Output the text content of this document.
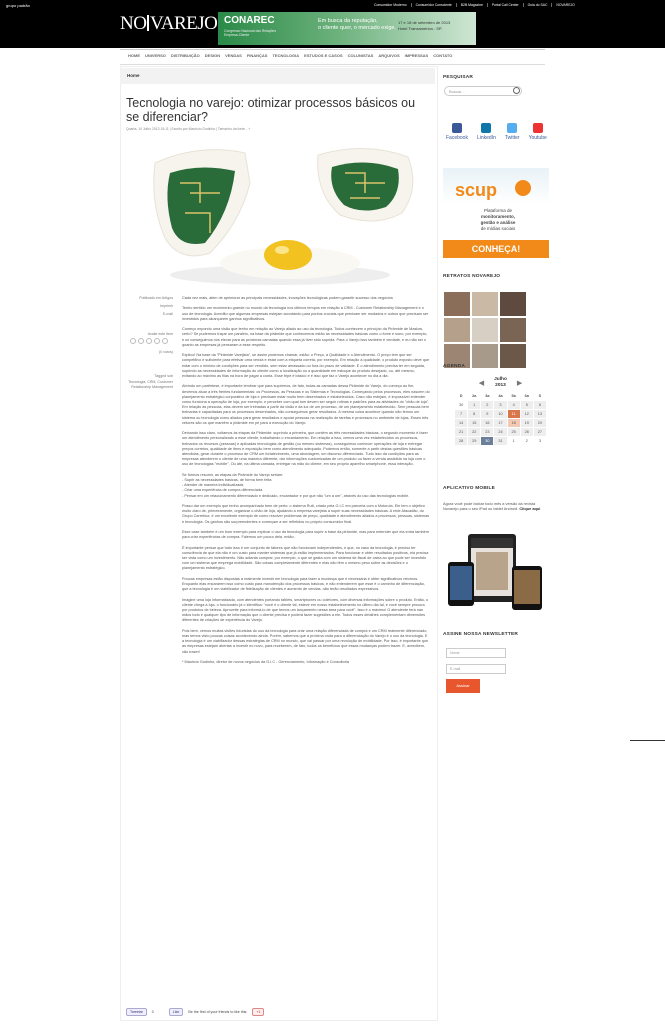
grupo padrão	Consumidor Moderno	Consumidor Consciente	B2B Magazine	Portal Call Center	Guia do SAC	NOVAREJO
NO VAREJO CONAREC
Congresso Nacional das Relações Empresa-Cliente
Em busca da reputação,
o cliente quer, o mercado exige.
17 e 18 de setembro de 2013
Hotel Transamérica - SP.
HOME UNIVERSO DISTRIBUIÇÃO DESIGN VENDAS FINANÇAS TECNOLOGIA ESTUDOS E CASOS COLUNISTAS ARQUIVOS IMPRESSAS CONTATO
Home
Tecnologia no varejo: otimizar processos básicos ou se diferenciar?
Quarta, 10 Julho 2013 15:11 | Escrito por Mauricio Godinho | Tamanho da fonte - +
Publicado em Artigos
Imprimir
E-mail
Avalie este item
(0 votos)
Tagged sob
Tecnologia, CRM, Customer Relationship Management

Cada vez mais, além de aprimorar as principais necessidades, inovações tecnológicas podem garantir sucesso dos negócios

Tenho sentido um movimento grande no mundo da tecnologia nos últimos tempos em relação à CRM - Customer Relationship Management e o uso de tecnologia. Acredito que algumas empresas estejam acordando para pontos cruciais que precisam ser mudados e outros que precisam ser investidos para alcançarem ganhos significativos.

Começo expondo uma visão que tenho em relação ao Varejo aliado ao uso da tecnologia. Todos conhecem o princípio da Pirâmide de Maslow, certo? Se pudermos traçar um paralelo, na base da pirâmide que conhecemos estão as necessidades básicas como o fome e sono, por exemplo, e só conseguimos nos elevar para as próximas camadas quando essa já tiver sido suprida. Para o Varejo isso também é verdade, e eu não sei o quanto as empresas já pensaram a esse respeito.

Explico! Na base da "Pirâmide Varejista", se assim podemos chamar, estão: o Preço, a Qualidade e o Atendimento. O preço tem que ser competitivo e suficiente para efetivar uma venda e estar com a etiqueta correta, por exemplo. Em relação à qualidade, o produto exposto deve que estar com o mínimo de condições para ser vendido, sem estar amassado ou fora do prazo de validade. E o atendimento precisa ter em seguida, suprindo as necessidades de informação do cliente como a localização ou a quantidade em estoque do produto desejado, ou, até mesmo, evitando ao máximo as filas na hora de pagar a conta. Esse tripé é básico e é isso que faz o Varejo acontecer no dia a dia.

Abrindo um parêntese, é importante lembrar que para suprirmos, de fato, todas as camadas dessa Pirâmide do Varejo, do começo ao fim, devemos atuar a três frentes fundamentais: os Processos, as Pessoas e os Sistemas e Tecnologias. Começando pelos processos, eles nascem do planejamento estratégico corporativo de loja e precisam estar muito bem desenhados e estabelecidos. Caso não estejam, é impossível entender como funciona a operação de loja, por exemplo, e perceber com qual tom devem ser seguir rotinas e padrões para as atividades do "chão de loja". Em relação às pessoas, elas devem ser treinadas a partir da visão e da luz de um processo, de um planejamento estabelecido. Sem pessoas bem treinadas e capacitadas para os processos desenhados, não conseguimos gerar resultados. A mesma coisa acontece quando não temos um sistema ou tecnologia como aliados para gerar resultados e apoiar pessoas na realização de tarefas e processos no ambiente de lojas. Esses três vetores são os que mantêm a pirâmide em pé para a execução do Varejo.

Deixando isso claro, voltamos às etapas da Pirâmide: suprindo a primeira, que contém as três necessidades básicas, o segundo momento é fazer um atendimento personalizado a esse cliente, trabalhando o encantamento. Em relação a isso, vemos uma vez estabelecidos os processos, treinados os recursos (pessoas) e aplicadas tecnologias de gestão (ou mesmo sistemas), conseguimos conhecer operações de loja e entregar preços corretos, qualidade de itens e exposição bem como atendimento adequado. Podemos então, somente a partir destas questões básicas atendidas, gerar durante o processo de CRM um fortalecimento, uma abordagem; um discurso diferenciado. Tudo isso dá condições para as empresas atenderem o cliente de uma maneira diferente, dar informações customizadas de um produto ou fazer a venda assistida na loja com o uso de tecnologias "mobile". Ou até, na última camada, entregar na mão do cliente, em seu próprio aparelho smartphone, essa interação.

Se formos resumir, as etapas da Pirâmide do Varejo seriam:
- Suprir as necessidades básicas, de forma bem feita
- Atender de maneira individualizada
- Criar uma experiência de compra diferenciada
- Pensar em um relacionamento diferenciado e dedicado, encantador e por que não "um a um", através do uso das tecnologias mobile.

Posso dar um exemplo que tenho acompanhado bem de perto: o sistema Rutt, criado pela G.I.C em parceria com a Motorola. Ele tem o objetivo muito claro de, primeiramente, organizar o chão de loja, ajudando a empresa varejista a suprir suas necessidades básicas. A rede Atacadão, do Grupo Carrefour, é um excelente exemplo de como resolver problemas de preço, qualidade e atendimento aliados a processos, pessoas, sistemas e tecnologia. Os ganhos são surpreendentes e começam a ser refletidos no próprio consumidor final.

Esse case também é um bom exemplo para explicar o uso da tecnologia para suprir a base da pirâmide, mas para entender que ela entra também para criar experiências de compra. Falemos um pouco dela, então.

É importante pensar que tudo isso é um conjunto de fatores que não funcionam independentes, e que, no caso da tecnologia, é preciso ter consciência de que ela não é um custo para manter sistemas que já estão implementados. Para funcionar e obter resultados positivos, ela precisa ser vista como um investimento. Não adianta comprar, por exemplo, o que se gasta com um sistema de fiscal de caixa ao que pode ser investido com um sistema que emprega mobilidade. São coisas completamente diferentes e elas não têm o mesmo peso sobre as decisões e o planejamento estratégico.

Poucas empresas estão dispostas a realmente investir em tecnologia para fazer a mudança que é necessária e obter significativos retornos. Enquanto elas encararem isso como custo para manutenção dos processos básicos, e não entenderem que esse é o caminho de diferenciação, que a tecnologia é um viabilizador de fidelização de clientes e aumento de vendas, não terão resultados expressivos.

Imagine uma loja informatizada, com atendentes portando tablets, smartphones ou coletores, com diversas informações sobre o produto. Então, o cliente chega à loja, o funcionário já o identifica: "você é o cliente tal, esteve em nosso estabelecimento no último dia tal, e você sempre procura por produtos de beleza. Aproveite para informá-lo de que temos um lançamento nessa área para você". Isso é o máximo! O atendente terá nas mãos todo e qualquer tipo de informação que o cliente precisa e poderá fazer sugestões a ele. Todos esses detalhes complementam dimensões diferentes de criações de experiência do Varejo.

Pois bem, vemos muitas visões futuristas do uso da tecnologia para criar uma relação diferenciada de compra e um CRM realmente diferenciado, mas temos visto poucas coisas acontecendo ainda. Porém, sabemos que a próxima onda para a diferenciação do Varejo é o uso da tecnologia. E a tecnologia é um viabilizador dessas estratégias de CRM no mundo, que vai passar por uma revolução de mobilidade. Por isso, é importante que as empresas estejam abertas a investir no novo, para receberem, de fato, todos os benefícios que essas mudanças podem trazer. E, acredítem, vão trazer!

* Mauricio Godinho, diretor de novos negócios da G.I.C - Gerenciamento, Informação e Consultoria

Tweetar	0	Like	Be the first of your friends to like this.	+1
PESQUISAR
Buscar...
Facebook LinkedIn Twitter Youtube
scup
Plataforma de
monitoramento,
gestão e análise
de mídias sociais
CONHEÇA!
RETRATOS NOVAREJO
AGENDA
◀ Julho
2013 ▶
D	2a	3a	4a	5a	6a	S
30	1	2	3	4	5	6
7	8	9	10	11	12	13
14	15	16	17	18	19	20
21	22	23	24	25	26	27
28	29	30	31	1	2	3
APLICATIVO MOBILE
Agora você pode baixar todo mês a versão da revista Novarejo para o seu iPad ou tablet Android. Clique aqui
ASSINE NOSSA NEWSLETTER
Nome
E-mail
Assinar
